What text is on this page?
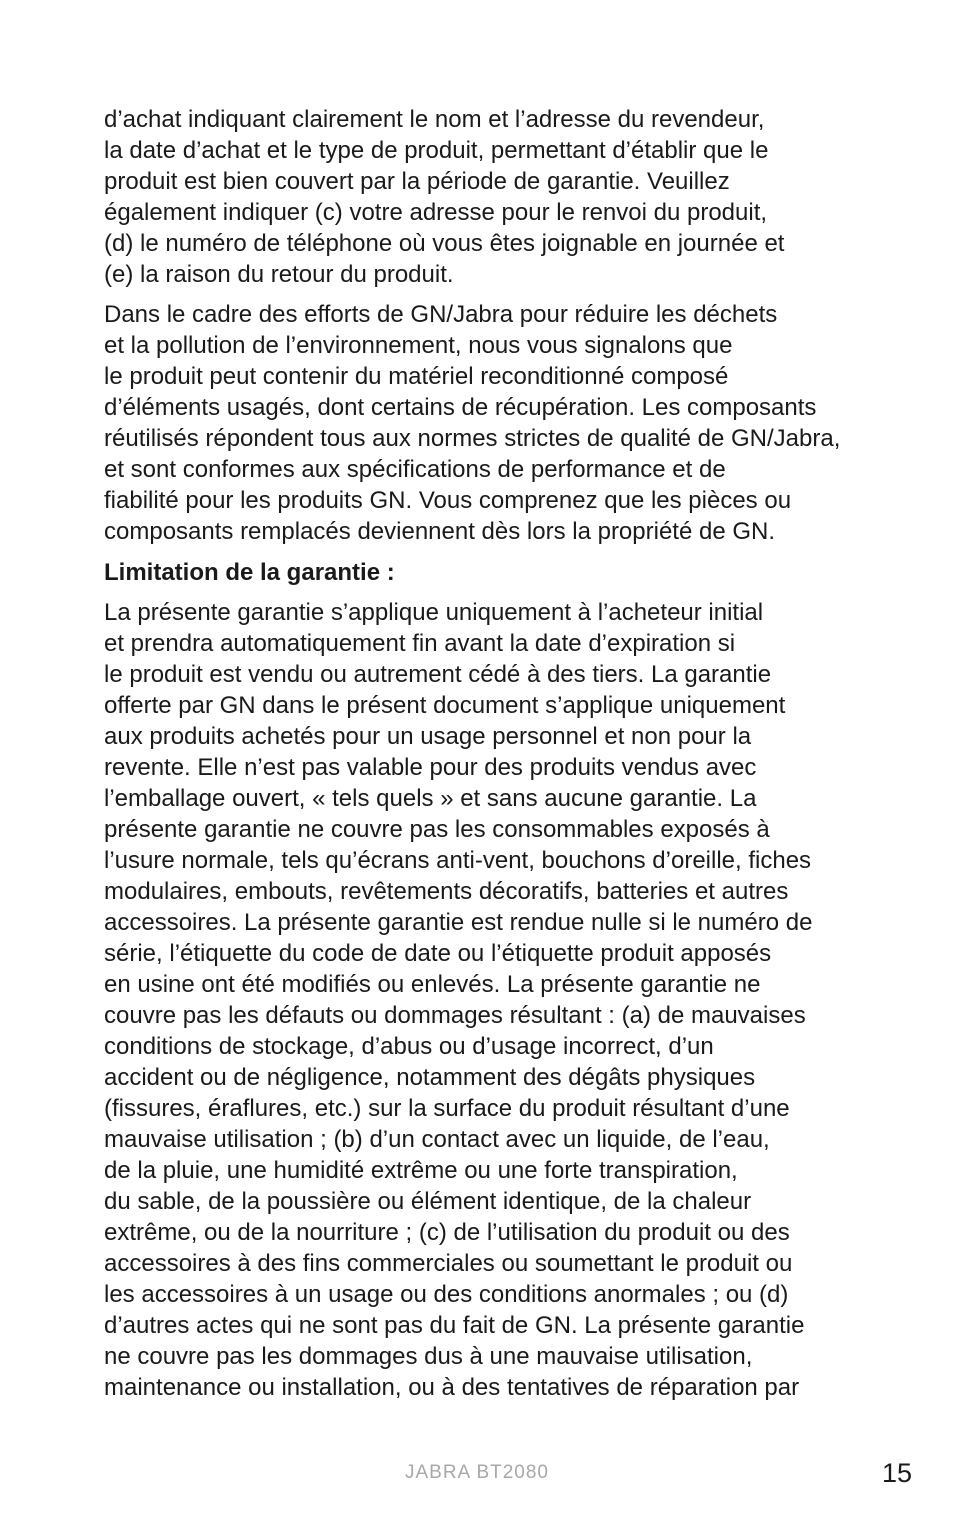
d’achat indiquant clairement le nom et l’adresse du revendeur,
la date d’achat et le type de produit, permettant d’établir que le
produit est bien couvert par la période de garantie. Veuillez
également indiquer (c) votre adresse pour le renvoi du produit,
(d) le numéro de téléphone où vous êtes joignable en journée et
(e) la raison du retour du produit.

Dans le cadre des efforts de GN/Jabra pour réduire les déchets
et la pollution de l’environnement, nous vous signalons que
le produit peut contenir du matériel reconditionné composé
d’éléments usagés, dont certains de récupération. Les composants
réutilisés répondent tous aux normes strictes de qualité de GN/Jabra,
et sont conformes aux spécifications de performance et de
fiabilité pour les produits GN. Vous comprenez que les pièces ou
composants remplacés deviennent dès lors la propriété de GN.

Limitation de la garantie :

La présente garantie s’applique uniquement à l’acheteur initial
et prendra automatiquement fin avant la date d’expiration si
le produit est vendu ou autrement cédé à des tiers. La garantie
offerte par GN dans le présent document s’applique uniquement
aux produits achetés pour un usage personnel et non pour la
revente. Elle n’est pas valable pour des produits vendus avec
l’emballage ouvert, « tels quels » et sans aucune garantie. La
présente garantie ne couvre pas les consommables exposés à
l’usure normale, tels qu’écrans anti-vent, bouchons d’oreille, fiches
modulaires, embouts, revêtements décoratifs, batteries et autres
accessoires. La présente garantie est rendue nulle si le numéro de
série, l’étiquette du code de date ou l’étiquette produit apposés
en usine ont été modifiés ou enlevés. La présente garantie ne
couvre pas les défauts ou dommages résultant : (a) de mauvaises
conditions de stockage, d’abus ou d’usage incorrect, d’un
accident ou de négligence, notamment des dégâts physiques
(fissures, éraflures, etc.) sur la surface du produit résultant d’une
mauvaise utilisation ; (b) d’un contact avec un liquide, de l’eau,
de la pluie, une humidité extrême ou une forte transpiration,
du sable, de la poussière ou élément identique, de la chaleur
extrême, ou de la nourriture ; (c) de l’utilisation du produit ou des
accessoires à des fins commerciales ou soumettant le produit ou
les accessoires à un usage ou des conditions anormales ; ou (d)
d’autres actes qui ne sont pas du fait de GN. La présente garantie
ne couvre pas les dommages dus à une mauvaise utilisation,
maintenance ou installation, ou à des tentatives de réparation par

JABRA BT2080	15
